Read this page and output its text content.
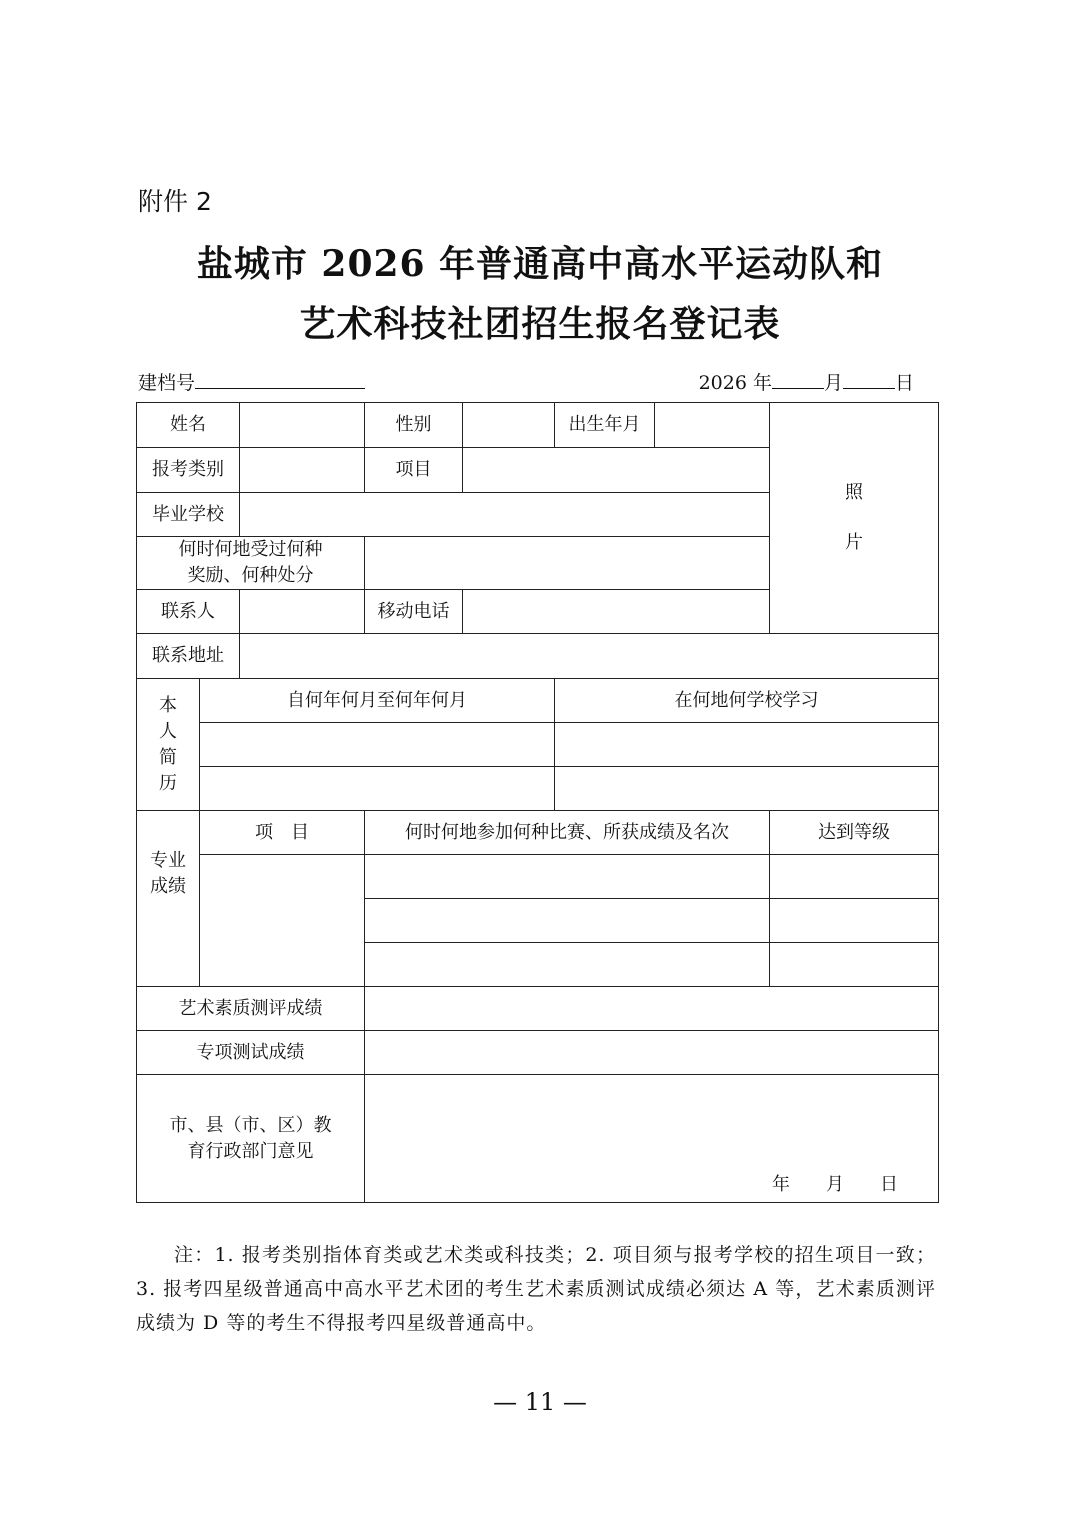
附件 2
盐城市 2026 年普通高中高水平运动队和
艺术科技社团招生报名登记表
建档号	2026 年	月	日
姓名			性别		出生年月		照
片

报考类别			项目				
毕业学校							

何时何地受过何种
奖励、何种处分							

联系人			移动电话				
联系地址							

本
人
简
历	自何年何月至何年何月				在何地何学校学习		

专业
成绩	项　目		何时何地参加何种比赛、所获成绩及名次				达到等级

艺术素质测评成绩							
专项测试成绩							

市、县（市、区）教
育行政部门意见			年　　月　　日				
注：1. 报考类别指体育类或艺术类或科技类；2. 项目须与报考学校的招生项目一致；3. 报考四星级普通高中高水平艺术团的考生艺术素质测试成绩必须达 A 等，艺术素质测评成绩为 D 等的考生不得报考四星级普通高中。
— 11 —
